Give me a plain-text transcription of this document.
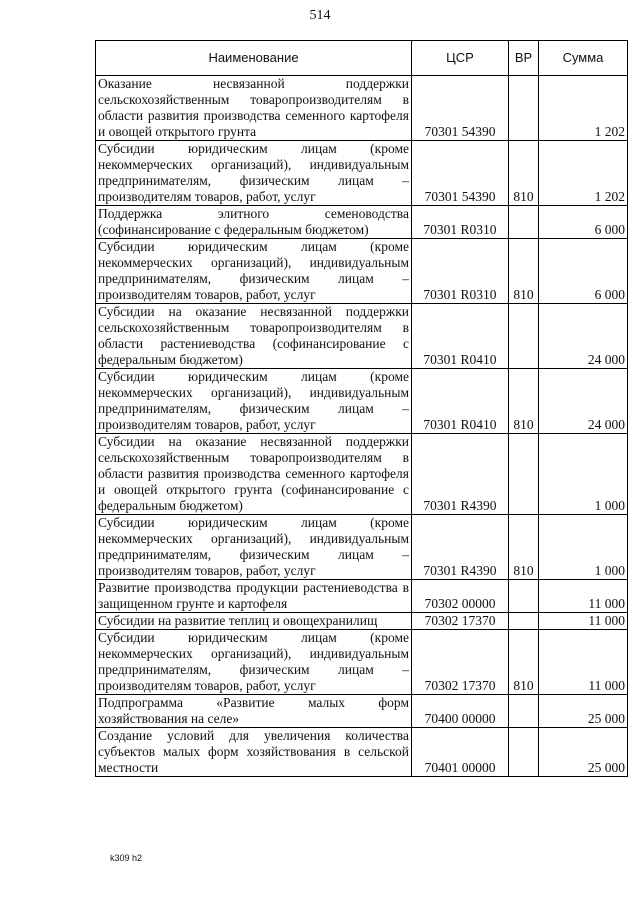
514
Наименование	ЦСР	ВР	Сумма
Оказание несвязанной поддержки сельскохозяйственным товаропроизводителям в области развития производства семенного картофеля и овощей открытого грунта	70301 54390		1 202
Субсидии юридическим лицам (кроме некоммерческих организаций), индивидуальным предпринимателям, физическим лицам – производителям товаров, работ, услуг	70301 54390	810	1 202
Поддержка элитного семеноводства (софинансирование с федеральным бюджетом)	70301 R0310		6 000
Субсидии юридическим лицам (кроме некоммерческих организаций), индивидуальным предпринимателям, физическим лицам – производителям товаров, работ, услуг	70301 R0310	810	6 000
Субсидии на оказание несвязанной поддержки сельскохозяйственным товаропроизводителям в области растениеводства (софинансирование с федеральным бюджетом)	70301 R0410		24 000
Субсидии юридическим лицам (кроме некоммерческих организаций), индивидуальным предпринимателям, физическим лицам – производителям товаров, работ, услуг	70301 R0410	810	24 000
Субсидии на оказание несвязанной поддержки сельскохозяйственным товаропроизводителям в области развития производства семенного картофеля и овощей открытого грунта (софинансирование с федеральным бюджетом)	70301 R4390		1 000
Субсидии юридическим лицам (кроме некоммерческих организаций), индивидуальным предпринимателям, физическим лицам – производителям товаров, работ, услуг	70301 R4390	810	1 000
Развитие производства продукции растениеводства в защищенном грунте и картофеля	70302 00000		11 000
Субсидии на развитие теплиц и овощехранилищ	70302 17370		11 000
Субсидии юридическим лицам (кроме некоммерческих организаций), индивидуальным предпринимателям, физическим лицам – производителям товаров, работ, услуг	70302 17370	810	11 000
Подпрограмма «Развитие малых форм хозяйствования на селе»	70400 00000		25 000
Создание условий для увеличения количества субъектов малых форм хозяйствования в сельской местности	70401 00000		25 000
k309 h2
